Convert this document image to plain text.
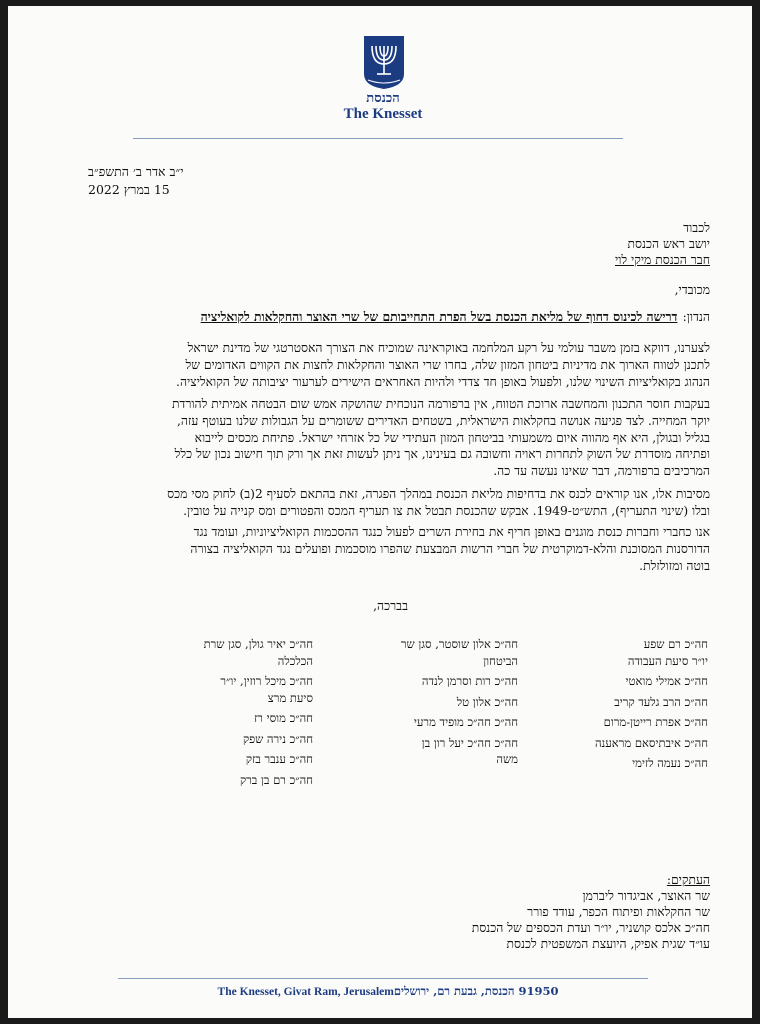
הכנסת
The Knesset
י״ב אדר ב׳ התשפ״ב
15 במרץ 2022
לכבוד
יושב ראש הכנסת
חבר הכנסת מיקי לוי
מכובדי,
הנדון: דרישה לכינוס דחוף של מליאת הכנסת בשל הפרת התחייבותם של שרי האוצר והחקלאות לקואליציה
לצערנו, דווקא בזמן משבר עולמי על רקע המלחמה באוקראינה שמוכיח את הצורך האסטרטגי של מדינת ישראל
לתכנן לטווח הארוך את מדיניות ביטחון המזון שלה, בחרו שרי האוצר והחקלאות לחצות את הקווים האדומים של
הנהוג בקואליציות השינוי שלנו, ולפעול באופן חד צדדי ולהיות האחראים הישירים לערעור יציבותה של הקואליציה.
בעקבות חוסר התכנון והמחשבה ארוכת הטווח, אין ברפורמה הנוכחית שהושקה אמש שום הבטחה אמיתית להורדת
יוקר המחייה. לצד פגיעה אנושה בחקלאות הישראלית, בשטחים האדירים ששומרים על הגבולות שלנו בעוטף עזה,
בגליל ובגולן, היא אף מהווה איום משמעותי בביטחון המזון העתידי של כל אזרחי ישראל. פתיחת מכסים לייבוא
ופתיחה מוסדרת של השוק לתחרות ראויה וחשובה גם בעינינו, אך ניתן לעשות זאת אך ורק תוך חישוב נכון של כלל
המרכיבים ברפורמה, דבר שאינו נעשה עד כה.
מסיבות אלו, אנו קוראים לכנס את בדחיפות מליאת הכנסת במהלך הפגרה, זאת בהתאם לסעיף 2(ב) לחוק מסי מכס
ובלו (שינוי התעריף), התש״ט-1949. אבקש שהכנסת תבטל את צו תעריף המכס והפטורים ומס קנייה על טובין.
אנו כחברי וחברות כנסת מוגנים באופן חריף את בחירת השרים לפעול כנגד ההסכמות הקואליציוניות, ועומד נגד
הדורסנות המסוכנת והלא-דמוקרטית של חברי הרשות המבצעת שהפרו מוסכמות ופועלים נגד הקואליציה בצורה
בוטה ומזולזלת.
בברכה,
חה״כ רם שפע
יו״ר סיעת העבודה
חה״כ אמילי מואטי
חה״כ הרב גלעד קריב
חה״כ אפרת רייטן-מרום
חה״כ איבתיסאם מראענה
חה״כ נעמה לזימי
חה״כ אלון שוסטר, סגן שר
הביטחון
חה״כ רות וסרמן לנדה
חה״כ אלון טל
חה״כ חה״כ מופיד מרעי
חה״כ חה״כ יעל רון בן
משה
חה״כ יאיר גולן, סגן שרת
הכלכלה
חה״כ מיכל רוזין, יו״ר
סיעת מרצ
חה״כ מוסי רז
חה״כ נירה שפק
חה״כ ענבר בזק
חה״כ רם בן ברק
העתקים:
שר האוצר, אביגדור ליברמן
שר החקלאות ופיתוח הכפר, עודד פורר
חה״כ אלכס קושניר, יו״ר ועדת הכספים של הכנסת
עו״ד שגית אפיק, היועצת המשפטית לכנסת
The Knesset, Givat Ram, Jerusalem91950 הכנסת, גבעת רם, ירושלים
